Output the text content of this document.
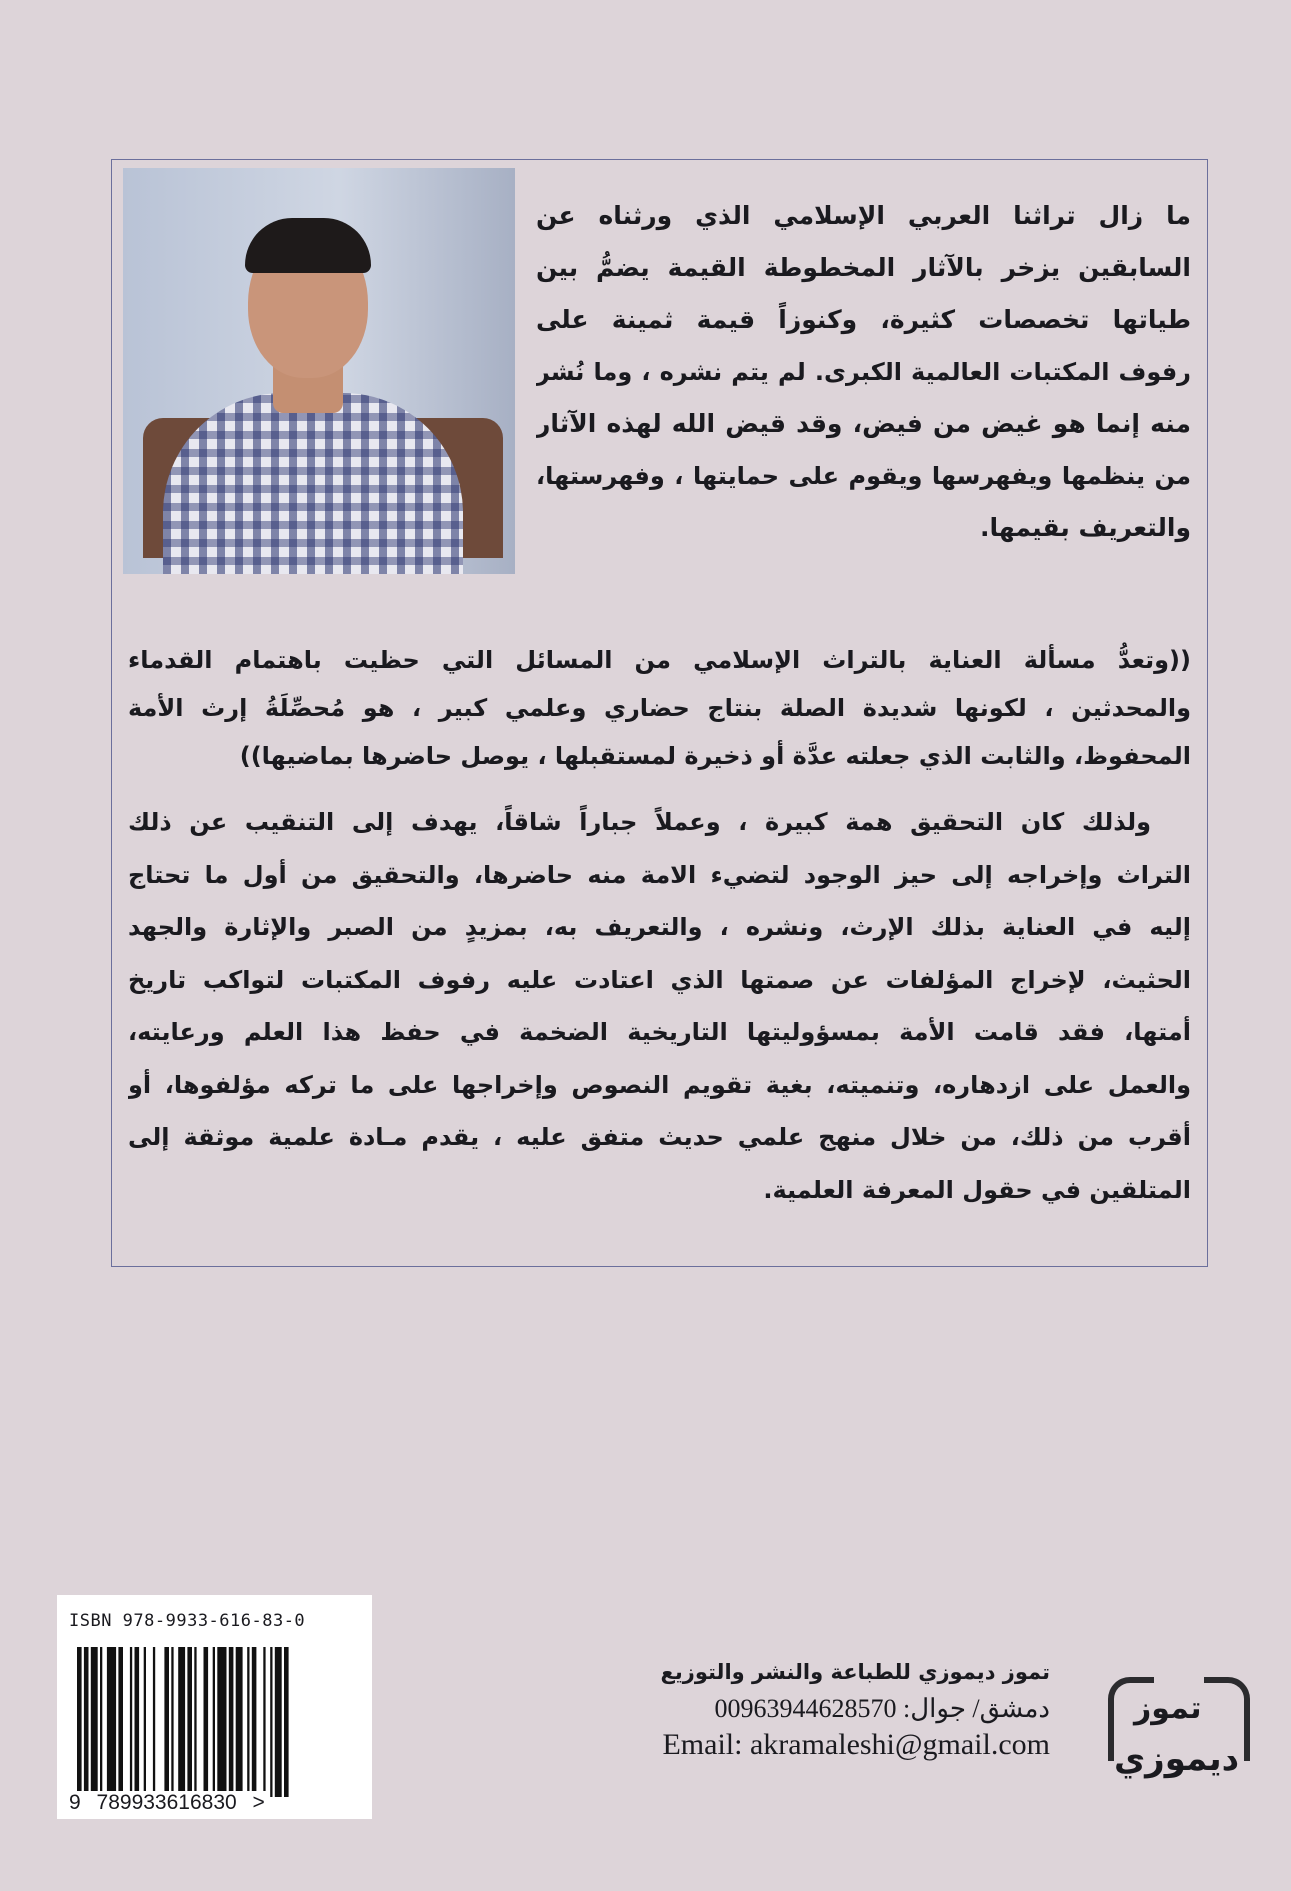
ما زال تراثنا العربي الإسلامي الذي ورثناه عن
السابقين يزخر بالآثار المخطوطة القيمة يضمُّ بين
طياتها تخصصات كثيرة، وكنوزاً قيمة ثمينة على
رفوف المكتبات العالمية الكبرى. لم يتم نشره ، وما نُشر
منه إنما هو غيض من فيض، وقد قيض الله لهذه الآثار
من ينظمها ويفهرسها ويقوم على حمايتها ، وفهرستها،
والتعريف بقيمها.
((وتعدُّ مسألة العناية بالتراث الإسلامي من المسائل التي حظيت باهتمام القدماء
والمحدثين ، لكونها شديدة الصلة بنتاج حضاري وعلمي كبير ، هو مُحصِّلَةُ إرث الأمة
المحفوظ، والثابت الذي جعلته عدَّة أو ذخيرة لمستقبلها ، يوصل حاضرها بماضيها))
ولذلك كان التحقيق همة كبيرة ، وعملاً جباراً شاقاً، يهدف إلى التنقيب عن ذلك
التراث وإخراجه إلى حيز الوجود لتضيء الامة منه حاضرها، والتحقيق من أول ما تحتاج
إليه في العناية بذلك الإرث، ونشره ، والتعريف به، بمزيدٍ من الصبر والإثارة والجهد
الحثيث، لإخراج المؤلفات عن صمتها الذي اعتادت عليه رفوف المكتبات لتواكب تاريخ
أمتها، فقد قامت الأمة بمسؤوليتها التاريخية الضخمة في حفظ هذا العلم ورعايته،
والعمل على ازدهاره، وتنميته، بغية تقويم النصوص وإخراجها على ما تركه مؤلفوها، أو
أقرب من ذلك، من خلال منهج علمي حديث متفق عليه ، يقدم مـادة علمية موثقة إلى
المتلقين في حقول المعرفة العلمية.
ISBN 978-9933-616-83-0
9 789933616830 >
تموز ديموزي للطباعة والنشر والتوزيع
دمشق/ جوال: 00963944628570
Email: akramaleshi@gmail.com
تموز
ديموزي
